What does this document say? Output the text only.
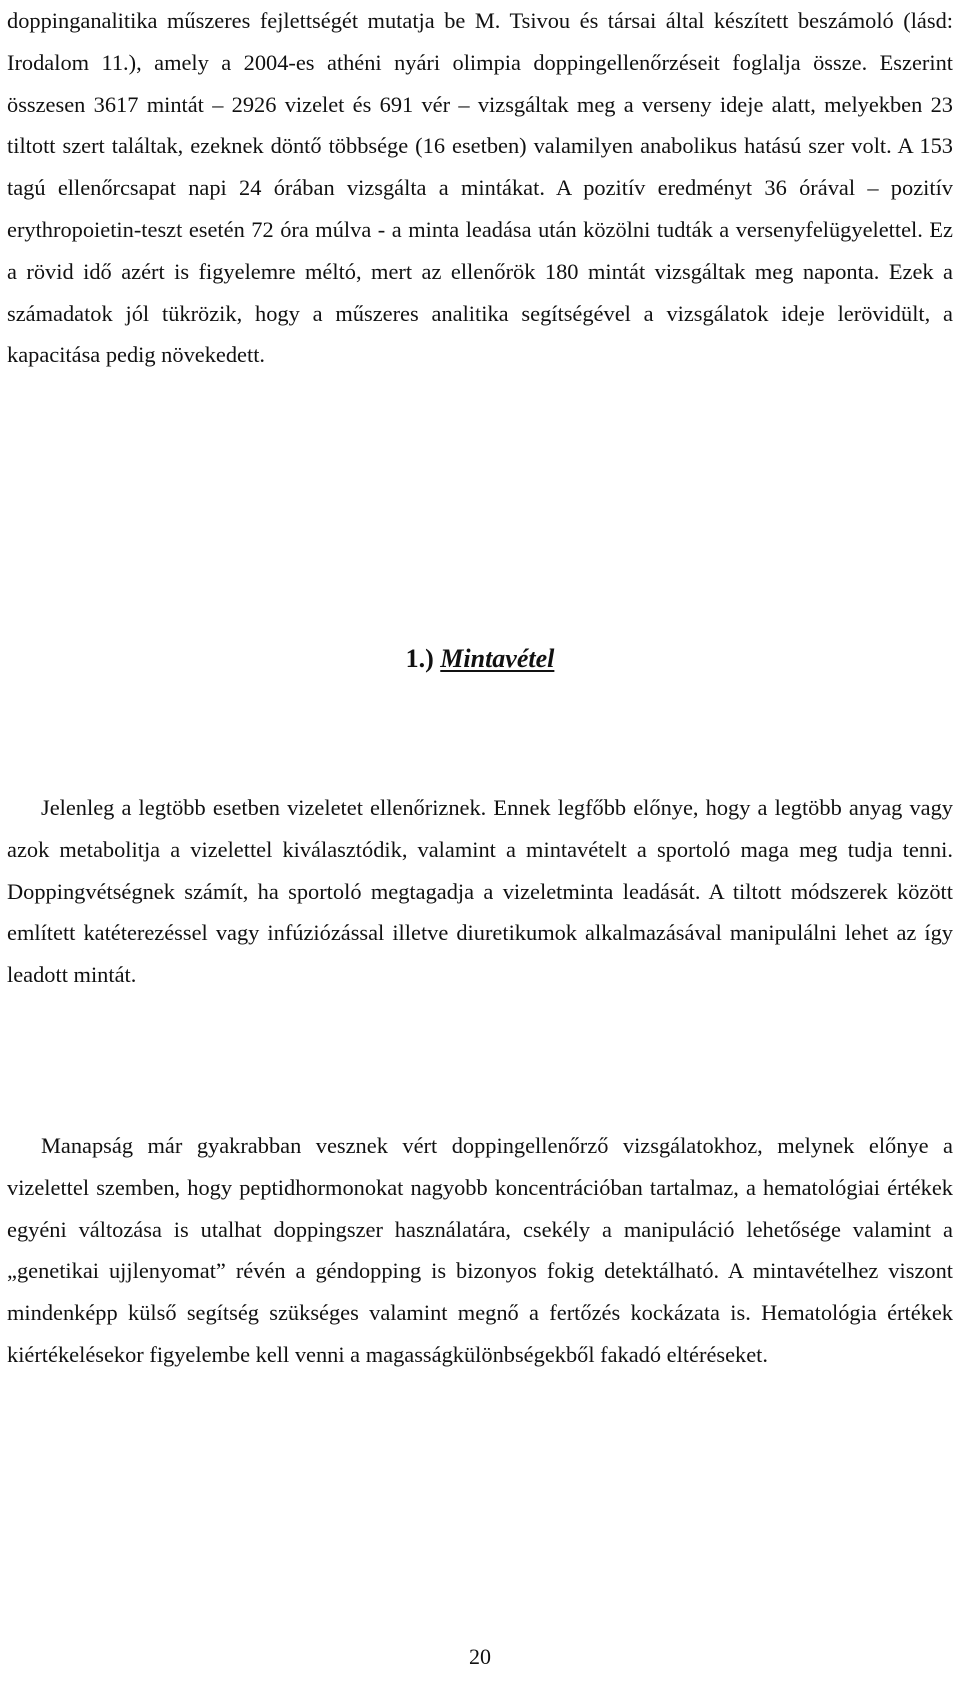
doppinganalitika műszeres fejlettségét mutatja be M. Tsivou és társai által készített beszámoló (lásd: Irodalom 11.), amely a 2004-es athéni nyári olimpia doppingellenőrzéseit foglalja össze. Eszerint összesen 3617 mintát – 2926 vizelet és 691 vér – vizsgáltak meg a verseny ideje alatt, melyekben 23 tiltott szert találtak, ezeknek döntő többsége (16 esetben) valamilyen anabolikus hatású szer volt. A 153 tagú ellenőrcsapat napi 24 órában vizsgálta a mintákat. A pozitív eredményt 36 órával – pozitív erythropoietin-teszt esetén 72 óra múlva - a minta leadása után közölni tudták a versenyfelügyelettel. Ez a rövid idő azért is figyelemre méltó, mert az ellenőrök 180 mintát vizsgáltak meg naponta. Ezek a számadatok jól tükrözik, hogy a műszeres analitika segítségével a vizsgálatok ideje lerövidült, a kapacitása pedig növekedett.

1.) Mintavétel

Jelenleg a legtöbb esetben vizeletet ellenőriznek. Ennek legfőbb előnye, hogy a legtöbb anyag vagy azok metabolitja a vizelettel kiválasztódik, valamint a mintavételt a sportoló maga meg tudja tenni. Doppingvétségnek számít, ha sportoló megtagadja a vizeletminta leadását. A tiltott módszerek között említett katéterezéssel vagy infúziózással illetve diuretikumok alkalmazásával manipulálni lehet az így leadott mintát.

Manapság már gyakrabban vesznek vért doppingellenőrző vizsgálatokhoz, melynek előnye a vizelettel szemben, hogy peptidhormonokat nagyobb koncentrációban tartalmaz, a hematológiai értékek egyéni változása is utalhat doppingszer használatára, csekély a manipuláció lehetősége valamint a „genetikai ujjlenyomat” révén a géndopping is bizonyos fokig detektálható. A mintavételhez viszont mindenképp külső segítség szükséges valamint megnő a fertőzés kockázata is. Hematológia értékek kiértékelésekor figyelembe kell venni a magasságkülönbségekből fakadó eltéréseket.

20
